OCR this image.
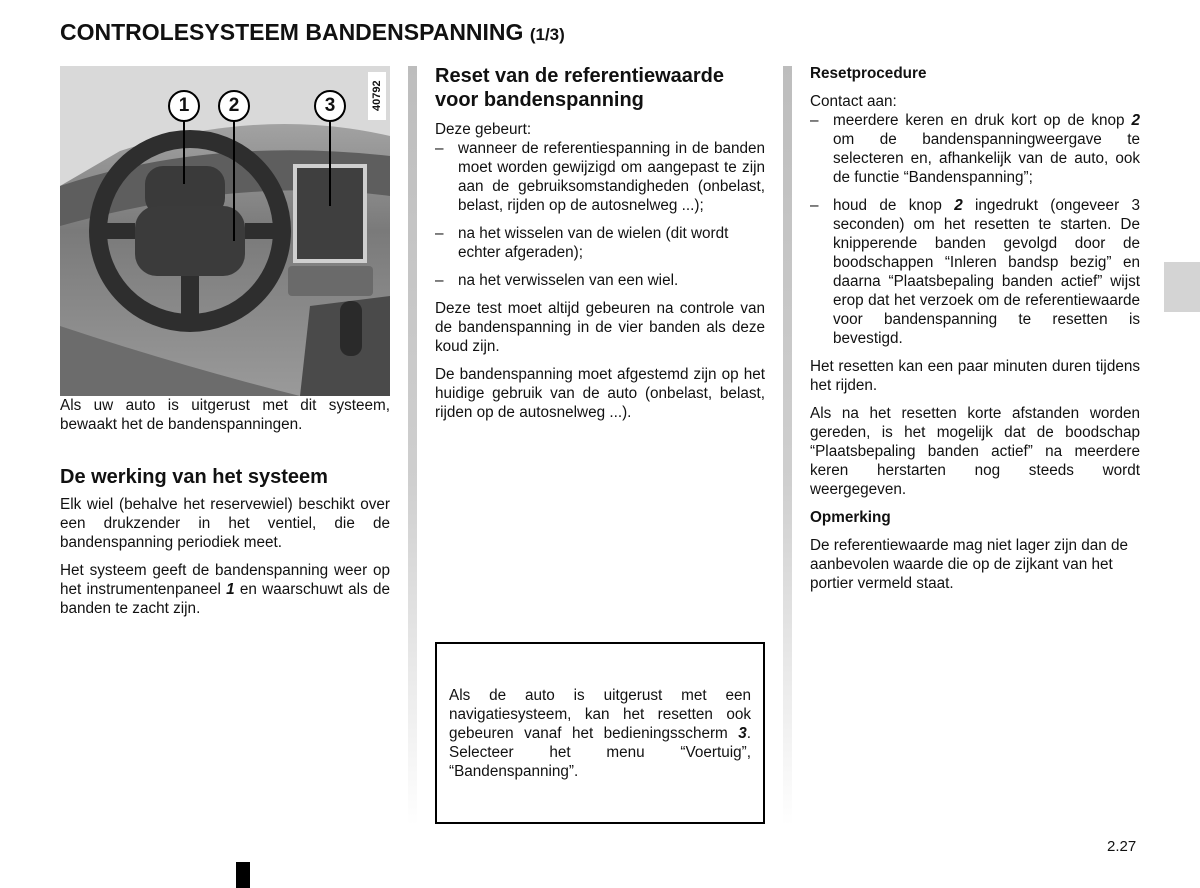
CONTROLESYSTEEM BANDENSPANNING (1/3)
40792
1	2	3

Als uw auto is uitgerust met dit systeem, bewaakt het de bandenspanningen.

De werking van het systeem

Elk wiel (behalve het reservewiel) beschikt over een drukzender in het ventiel, die de bandenspanning periodiek meet.

Het systeem geeft de bandenspanning weer op het instrumentenpaneel 1 en waarschuwt als de banden te zacht zijn.

Reset van de referentiewaarde voor bandenspanning

Deze gebeurt:

– wanneer de referentiespanning in de banden moet worden gewijzigd om aangepast te zijn aan de gebruiksomstandigheden (onbelast, belast, rijden op de autosnelweg ...);

– na het wisselen van de wielen (dit wordt echter afgeraden);

– na het verwisselen van een wiel.

Deze test moet altijd gebeuren na controle van de bandenspanning in de vier banden als deze koud zijn.

De bandenspanning moet afgestemd zijn op het huidige gebruik van de auto (onbelast, belast, rijden op de autosnelweg ...).

Als de auto is uitgerust met een navigatiesysteem, kan het resetten ook gebeuren vanaf het bedieningsscherm 3. Selecteer het menu “Voertuig”, “Bandenspanning”.

Resetprocedure

Contact aan:

– meerdere keren en druk kort op de knop 2 om de bandenspanningweergave te selecteren en, afhankelijk van de auto, ook de functie “Bandenspanning”;

– houd de knop 2 ingedrukt (ongeveer 3 seconden) om het resetten te starten. De knipperende banden gevolgd door de boodschappen “Inleren bandsp bezig” en daarna “Plaatsbepaling banden actief” wijst erop dat het verzoek om de referentiewaarde voor bandenspanning te resetten is bevestigd.

Het resetten kan een paar minuten duren tijdens het rijden.

Als na het resetten korte afstanden worden gereden, is het mogelijk dat de boodschap “Plaatsbepaling banden actief” na meerdere keren herstarten nog steeds wordt weergegeven.

Opmerking

De referentiewaarde mag niet lager zijn dan de aanbevolen waarde die op de zijkant van het portier vermeld staat.

2.27
